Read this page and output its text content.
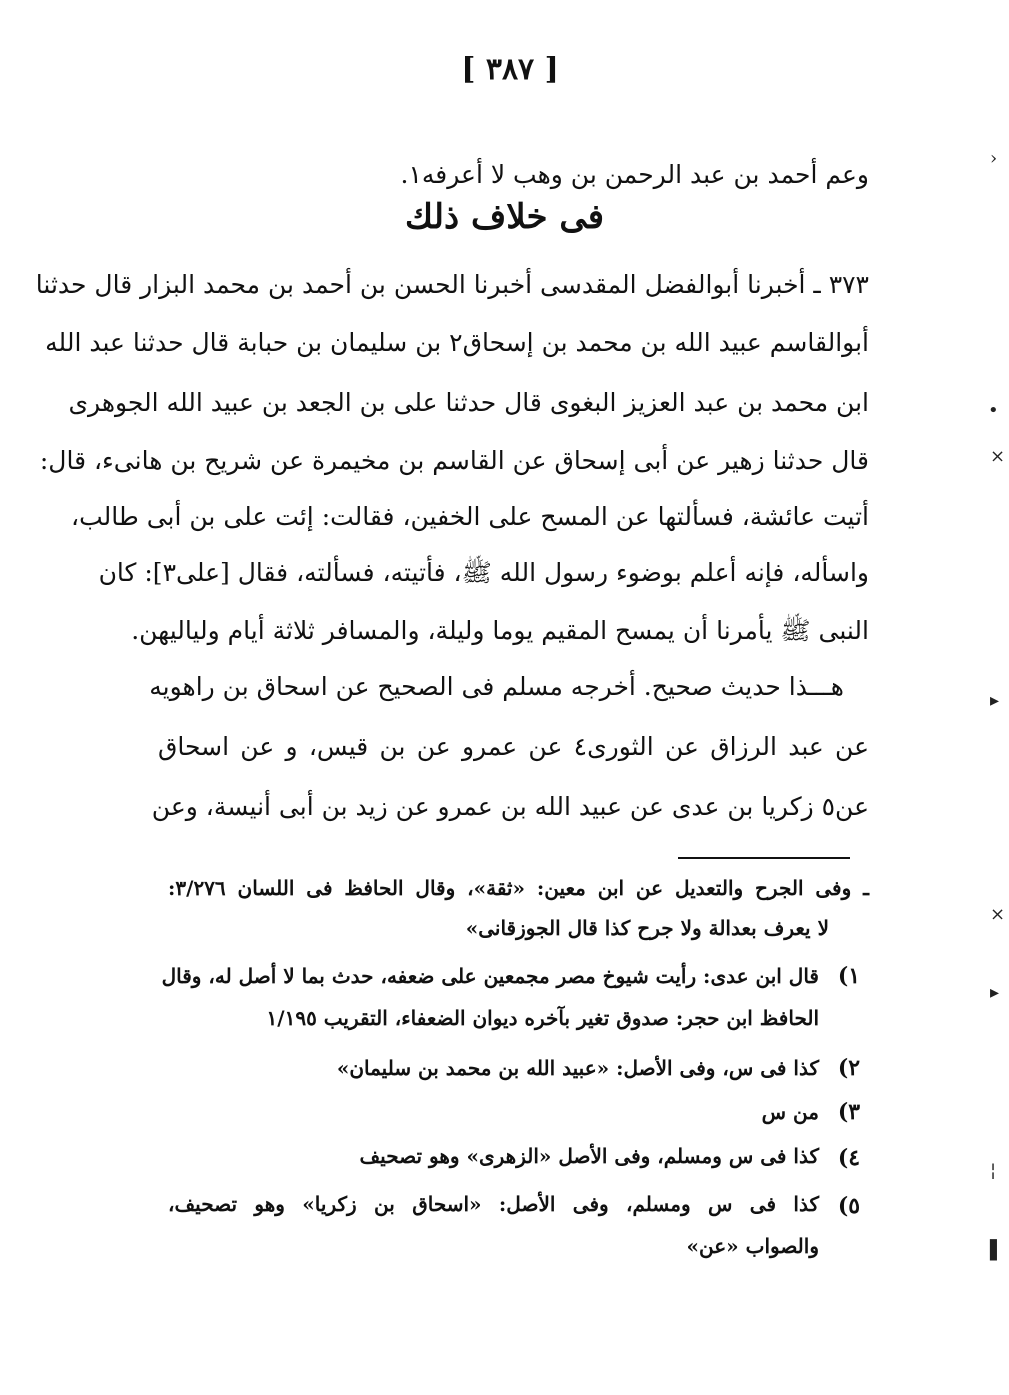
[ ٣٨٧ ]
وعم أحمد بن عبد الرحمن بن وهب لا أعرفه١.
فى خلاف ذلك
٣٧٣ ـ أخبرنا أبوالفضل المقدسى أخبرنا الحسن بن أحمد بن محمد البزار قال حدثنا
أبوالقاسم عبيد الله بن محمد بن إسحاق٢ بن سليمان بن حبابة قال حدثنا عبد الله
ابن محمد بن عبد العزيز البغوى قال حدثنا على بن الجعد بن عبيد الله الجوهرى
قال حدثنا زهير عن أبى إسحاق عن القاسم بن مخيمرة عن شريح بن هانىء، قال:
أتيت عائشة، فسألتها عن المسح على الخفين، فقالت: إئت على بن أبى طالب،
واسأله، فإنه أعلم بوضوء رسول الله ﷺ، فأتيته، فسألته، فقال [على٣]: كان
النبى ﷺ يأمرنا أن يمسح المقيم يوما وليلة، والمسافر ثلاثة أيام ولياليهن.
هـــذا حديث صحيح. أخرجه مسلم فى الصحيح عن اسحاق بن راهويه
عن عبد الرزاق عن الثورى٤ عن عمرو عن بن قيس، و عن اسحاق
عن٥ زكريا بن عدى عن عبيد الله بن عمرو عن زيد بن أبى أنيسة، وعن
ـ وفى الجرح والتعديل عن ابن معين: «ثقة»، وقال الحافظ فى اللسان ٣/٢٧٦:
لا يعرف بعدالة ولا جرح كذا قال الجوزقانى»
١)
قال ابن عدى: رأيت شيوخ مصر مجمعين على ضعفه، حدث بما لا أصل له، وقال
الحافظ ابن حجر: صدوق تغير بآخره ديوان الضعفاء، التقريب ١/١٩٥
٢)
كذا فى س، وفى الأصل: «عبيد الله بن محمد بن سليمان»
٣)
من س
٤)
كذا فى س ومسلم، وفى الأصل «الزهرى» وهو تصحيف
٥)
كذا فى س ومسلم، وفى الأصل: «اسحاق بن زكريا» وهو تصحيف،
والصواب «عن»
›
•
×
▸
×
▸
¦
▌
